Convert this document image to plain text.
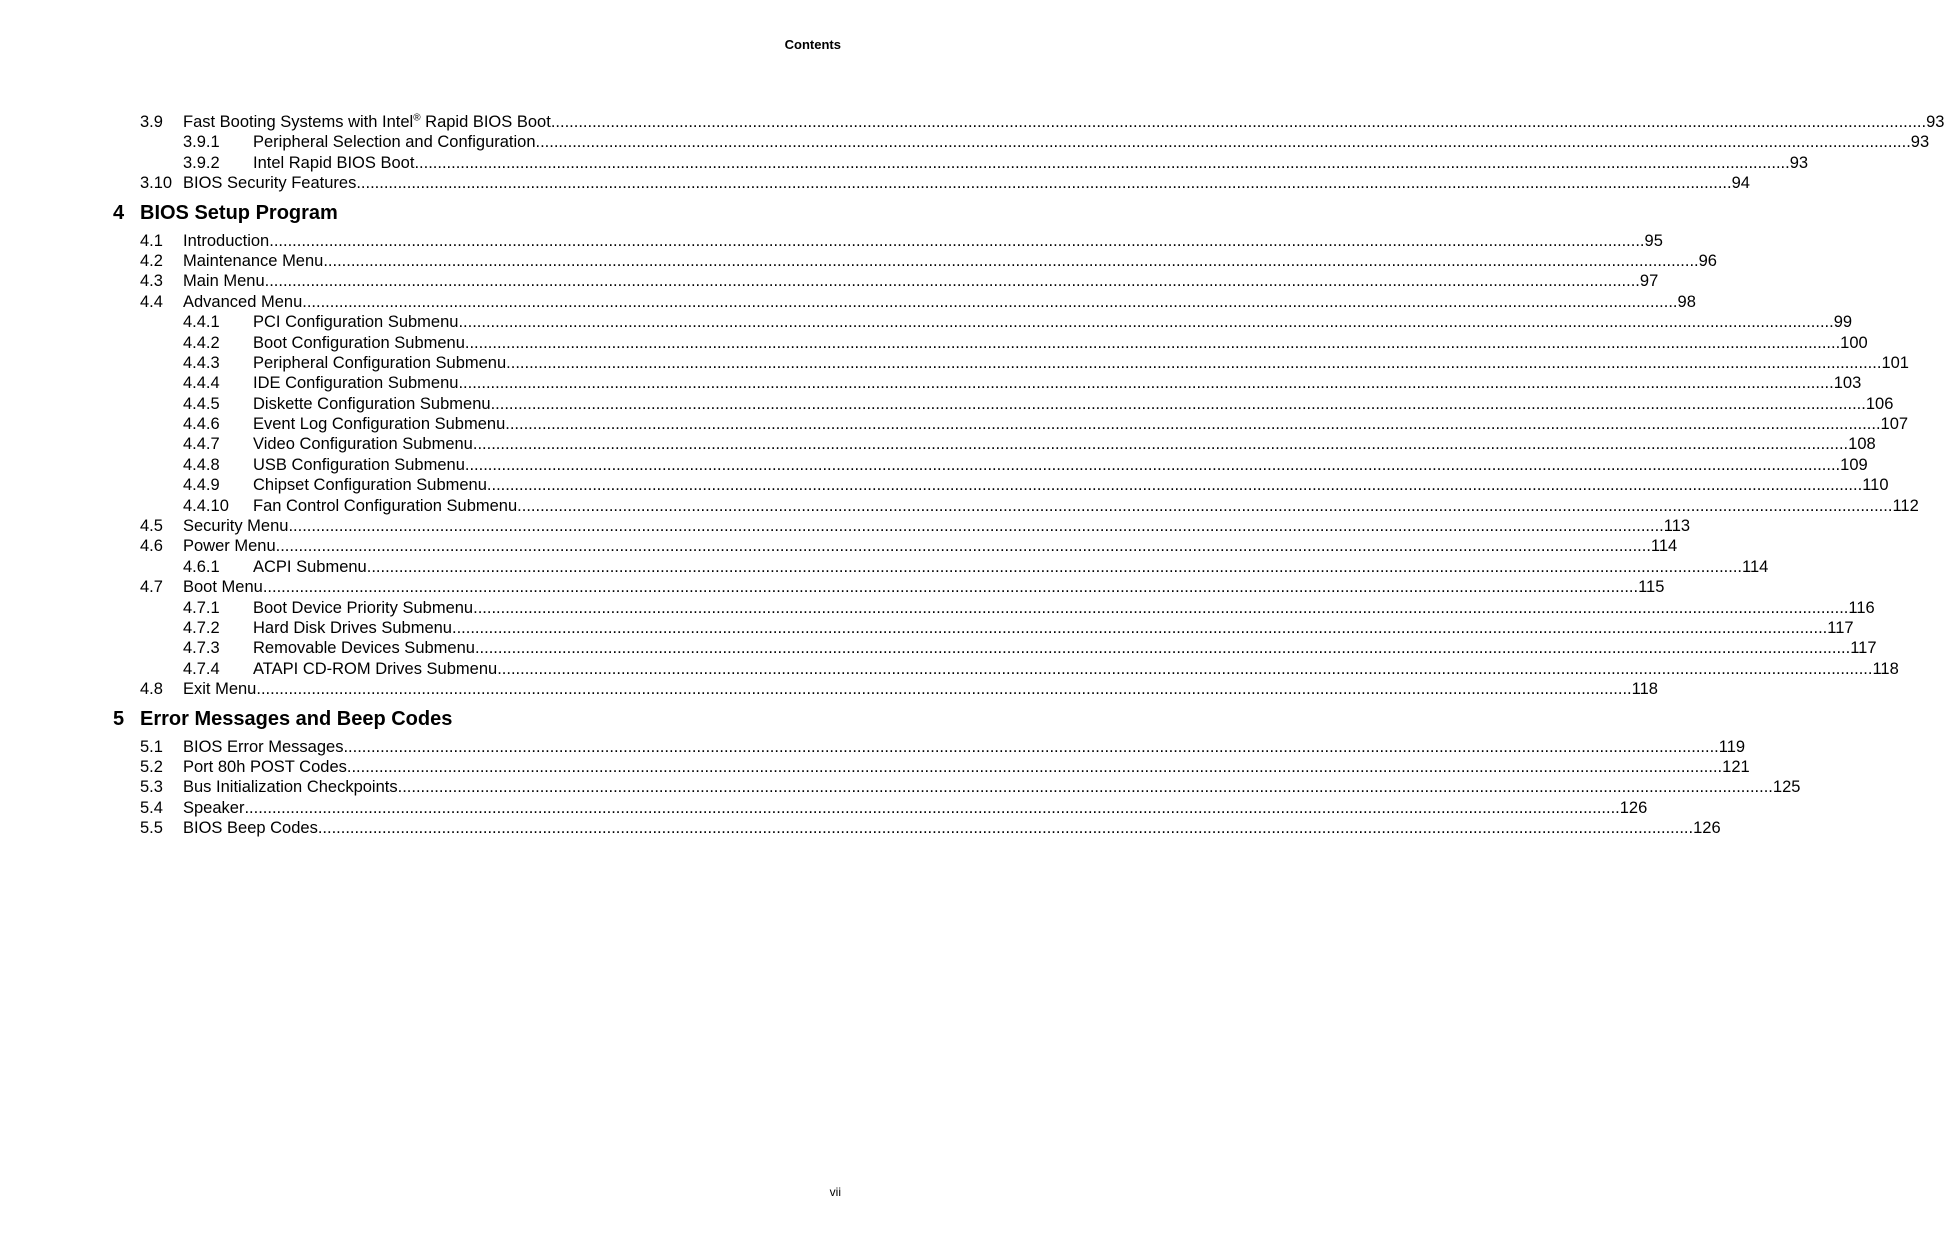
Contents
3.9 Fast Booting Systems with Intel® Rapid BIOS Boot ............................................................................................................................................................................................................................................................................................................ 93
3.9.1 Peripheral Selection and Configuration ............................................................................................................................................................................................................................................................................................................ 93
3.9.2 Intel Rapid BIOS Boot ............................................................................................................................................................................................................................................................................................................ 93
3.10 BIOS Security Features ............................................................................................................................................................................................................................................................................................................ 94
4 BIOS Setup Program
4.1 Introduction ............................................................................................................................................................................................................................................................................................................ 95
4.2 Maintenance Menu ............................................................................................................................................................................................................................................................................................................ 96
4.3 Main Menu ............................................................................................................................................................................................................................................................................................................ 97
4.4 Advanced Menu ............................................................................................................................................................................................................................................................................................................ 98
4.4.1 PCI Configuration Submenu ............................................................................................................................................................................................................................................................................................................ 99
4.4.2 Boot Configuration Submenu ............................................................................................................................................................................................................................................................................................................ 100
4.4.3 Peripheral Configuration Submenu ............................................................................................................................................................................................................................................................................................................ 101
4.4.4 IDE Configuration Submenu ............................................................................................................................................................................................................................................................................................................ 103
4.4.5 Diskette Configuration Submenu ............................................................................................................................................................................................................................................................................................................ 106
4.4.6 Event Log Configuration Submenu ............................................................................................................................................................................................................................................................................................................ 107
4.4.7 Video Configuration Submenu ............................................................................................................................................................................................................................................................................................................ 108
4.4.8 USB Configuration Submenu ............................................................................................................................................................................................................................................................................................................ 109
4.4.9 Chipset Configuration Submenu ............................................................................................................................................................................................................................................................................................................ 110
4.4.10 Fan Control Configuration Submenu ............................................................................................................................................................................................................................................................................................................ 112
4.5 Security Menu ............................................................................................................................................................................................................................................................................................................ 113
4.6 Power Menu ............................................................................................................................................................................................................................................................................................................ 114
4.6.1 ACPI Submenu ............................................................................................................................................................................................................................................................................................................ 114
4.7 Boot Menu ............................................................................................................................................................................................................................................................................................................ 115
4.7.1 Boot Device Priority Submenu ............................................................................................................................................................................................................................................................................................................ 116
4.7.2 Hard Disk Drives Submenu ............................................................................................................................................................................................................................................................................................................ 117
4.7.3 Removable Devices Submenu ............................................................................................................................................................................................................................................................................................................ 117
4.7.4 ATAPI CD-ROM Drives Submenu ............................................................................................................................................................................................................................................................................................................ 118
4.8 Exit Menu ............................................................................................................................................................................................................................................................................................................ 118
5 Error Messages and Beep Codes
5.1 BIOS Error Messages ............................................................................................................................................................................................................................................................................................................ 119
5.2 Port 80h POST Codes ............................................................................................................................................................................................................................................................................................................ 121
5.3 Bus Initialization Checkpoints ............................................................................................................................................................................................................................................................................................................ 125
5.4 Speaker ............................................................................................................................................................................................................................................................................................................ 126
5.5 BIOS Beep Codes ............................................................................................................................................................................................................................................................................................................ 126
vii
